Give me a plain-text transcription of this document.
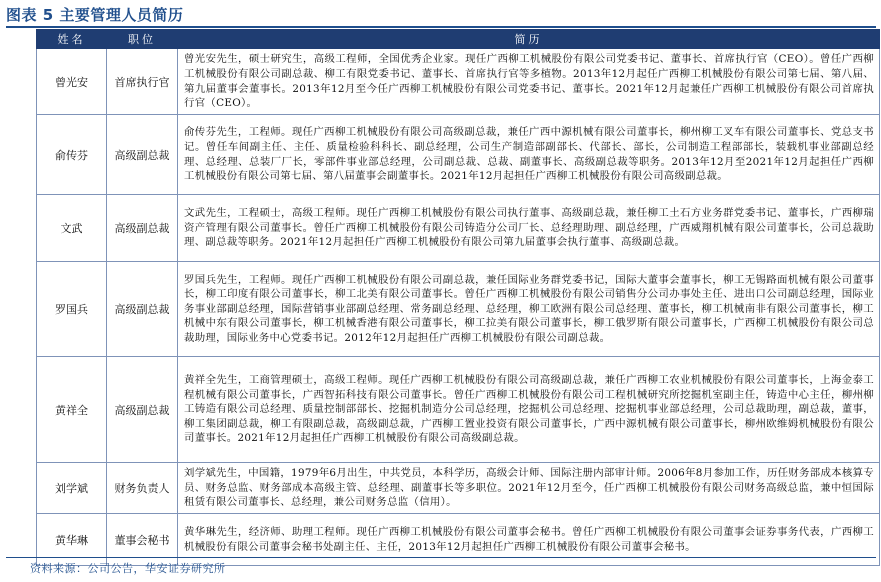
图表 5 主要管理人员简历
姓名	职位	简历
曾光安	首席执行官	曾光安先生，硕士研究生，高级工程师，全国优秀企业家。现任广西柳工机械股份有限公司党委书记、董事长、首席执行官（CEO）。曾任广西柳工机械股份有限公司副总裁、柳工有限党委书记、董事长、首席执行官等多植物。2013年12月起任广西柳工机械股份有限公司第七届、第八届、第九届董事会董事长。2013年12月至今任广西柳工机械股份有限公司党委书记、董事长。2021年12月起兼任广西柳工机械股份有限公司首席执行官（CEO）。
俞传芬	高级副总裁	俞传芬先生，工程师。现任广西柳工机械股份有限公司高级副总裁，兼任广西中源机械有限公司董事长，柳州柳工叉车有限公司董事长、党总支书记。曾任车间副主任、主任、质量检验科科长、副总经理，公司生产制造部副部长、代部长、部长，公司制造工程部部长，装载机事业部副总经理、总经理、总装厂厂长，零部件事业部总经理，公司副总裁、总裁、副董事长、高级副总裁等职务。2013年12月至2021年12月起担任广西柳工机械股份有限公司第七届、第八届董事会副董事长。2021年12月起担任广西柳工机械股份有限公司高级副总裁。
文武	高级副总裁	文武先生，工程硕士，高级工程师。现任广西柳工机械股份有限公司执行董事、高级副总裁，兼任柳工土石方业务群党委书记、董事长，广西柳瑞资产管理有限公司董事长。曾任广西柳工机械股份有限公司铸造分公司厂长、总经理助理、副总经理，广西威翔机械有限公司董事长，公司总裁助理、副总裁等职务。2021年12月起担任广西柳工机械股份有限公司第九届董事会执行董事、高级副总裁。
罗国兵	高级副总裁	罗国兵先生，工程师。现任广西柳工机械股份有限公司副总裁，兼任国际业务群党委书记，国际大董事会董事长，柳工无锡路面机械有限公司董事长，柳工印度有限公司董事长，柳工北美有限公司董事长。曾任广西柳工机械股份有限公司销售分公司办事处主任、进出口公司副总经理，国际业务事业部副总经理，国际营销事业部副总经理、常务副总经理、总经理，柳工欧洲有限公司总经理、董事长，柳工机械南非有限公司董事长，柳工机械中东有限公司董事长，柳工机械香港有限公司董事长，柳工拉美有限公司董事长，柳工俄罗斯有限公司董事长，广西柳工机械股份有限公司总裁助理，国际业务中心党委书记。2012年12月起担任广西柳工机械股份有限公司副总裁。
黄祥全	高级副总裁	黄祥全先生，工商管理硕士，高级工程师。现任广西柳工机械股份有限公司高级副总裁，兼任广西柳工农业机械股份有限公司董事长，上海金泰工程机械有限公司董事长，广西智拓科技有限公司董事长。曾任广西柳工机械股份有限公司工程机械研究所挖掘机室副主任，铸造中心主任，柳州柳工铸造有限公司总经理、质量控制部部长、挖掘机制造分公司总经理，挖掘机公司总经理、挖掘机事业部总经理，公司总裁助理，副总裁，董事，柳工集团副总裁，柳工有限副总裁，高级副总裁，广西柳工置业投资有限公司董事长，广西中源机械有限公司董事长，柳州欧维姆机械股份有限公司董事长。2021年12月起担任广西柳工机械股份有限公司高级副总裁。
刘学斌	财务负责人	刘学斌先生，中国籍，1979年6月出生，中共党员，本科学历，高级会计师、国际注册内部审计师。2006年8月参加工作，历任财务部成本核算专员、财务总监、财务部成本高级主管、总经理、副董事长等多职位。2021年12月至今，任广西柳工机械股份有限公司财务高级总监，兼中恒国际租赁有限公司董事长、总经理，兼公司财务总监（信用）。
黄华琳	董事会秘书	黄华琳先生，经济师、助理工程师。现任广西柳工机械股份有限公司董事会秘书。曾任广西柳工机械股份有限公司董事会证券事务代表，广西柳工机械股份有限公司董事会秘书处副主任、主任，2013年12月起担任广西柳工机械股份有限公司董事会秘书。
资料来源：公司公告，华安证券研究所
